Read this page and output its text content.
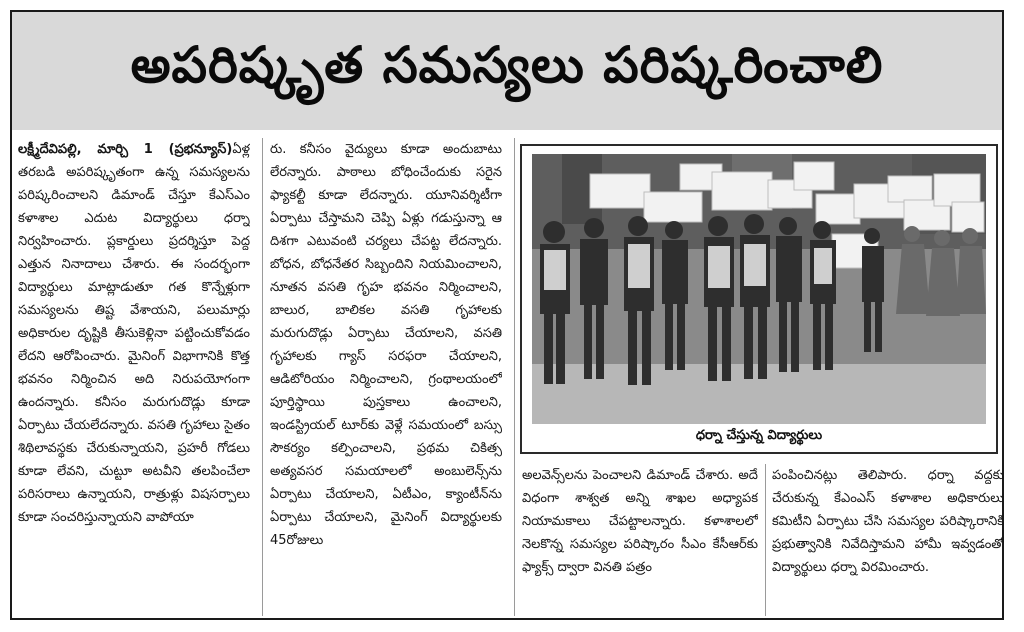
అపరిష్కృత సమస్యలు పరిష్కరించాలి

లక్ష్మీదేవిపల్లి, మార్చి 1 (ప్రభన్యూస్)ఏళ్ల తరబడి అపరిష్కృతంగా ఉన్న సమస్యలను పరిష్కరించాలని డిమాండ్ చేస్తూ కేఎస్ఎం కళాశాల ఎదుట విద్యార్థులు ధర్నా నిర్వహించారు. ప్లకార్డులు ప్రదర్శిస్తూ పెద్ద ఎత్తున నినాదాలు చేశారు. ఈ సందర్భంగా విద్యార్థులు మాట్లాడుతూ గత కొన్నేళ్లుగా సమస్యలను తిష్ట వేశాయని, పలుమార్లు అధికారుల దృష్టికి తీసుకెళ్లినా పట్టించుకోవడం లేదని ఆరోపించారు. మైనింగ్ విభాగానికి కొత్త భవనం నిర్మించిన అది నిరుపయోగంగా ఉందన్నారు. కనీసం మరుగుదొడ్లు కూడా ఏర్పాటు చేయలేదన్నారు. వసతి గృహాలు సైతం శిథిలావస్థకు చేరుకున్నాయని, ప్రహరీ గోడలు కూడా లేవని, చుట్టూ అటవీని తలపించేలా పరిసరాలు ఉన్నాయని, రాత్రుళ్లు విషసర్పాలు కూడా సంచరిస్తున్నాయని వాపోయా

రు. కనీసం వైద్యులు కూడా అందుబాటు లేరన్నారు. పాఠాలు బోధించేందుకు సరైన ఫ్యాకల్టీ కూడా లేదన్నారు. యూనివర్శిటీగా ఏర్పాటు చేస్తామని చెప్పి ఏళ్లు గడుస్తున్నా ఆ దిశగా ఎటువంటి చర్యలు చేపట్ట లేదన్నారు. బోధన, బోధనేతర సిబ్బందిని నియమించాలని, నూతన వసతి గృహ భవనం నిర్మించాలని, బాలుర, బాలికల వసతి గృహాలకు మరుగుదొడ్లు ఏర్పాటు చేయాలని, వసతి గృహాలకు గ్యాస్ సరఫరా చేయాలని, ఆడిటోరియం నిర్మించాలని, గ్రంథాలయంలో పూర్తిస్థాయి పుస్తకాలు ఉంచాలని, ఇండస్ట్రియల్ టూర్‌కు వెళ్లే సమయంలో బస్సు సౌకర్యం కల్పించాలని, ప్రథమ చికిత్స అత్యవసర సమయాలలో అంబులెన్స్‌ను ఏర్పాటు చేయాలని, ఏటీఎం, క్యాంటీన్‌ను ఏర్పాటు చేయాలని, మైనింగ్ విద్యార్థులకు 45రోజులు

ధర్నా చేస్తున్న విద్యార్థులు

అలవెన్స్‌లను పెంచాలని డిమాండ్ చేశారు. అదే విధంగా శాశ్వత అన్ని శాఖల అధ్యాపక నియామకాలు చేపట్టాలన్నారు. కళాశాలలో నెలకొన్న సమస్యల పరిష్కారం సీఎం కేసీఆర్‌కు ఫ్యాక్స్ ద్వారా వినతి పత్రం

పంపించినట్లు తెలిపారు. ధర్నా వద్దకు చేరుకున్న కేఎంఎస్ కళాశాల అధికారులు కమిటీని ఏర్పాటు చేసి సమస్యల పరిష్కారానికి ప్రభుత్వానికి నివేదిస్తామని హామీ ఇవ్వడంతో విద్యార్థులు ధర్నా విరమించారు.
